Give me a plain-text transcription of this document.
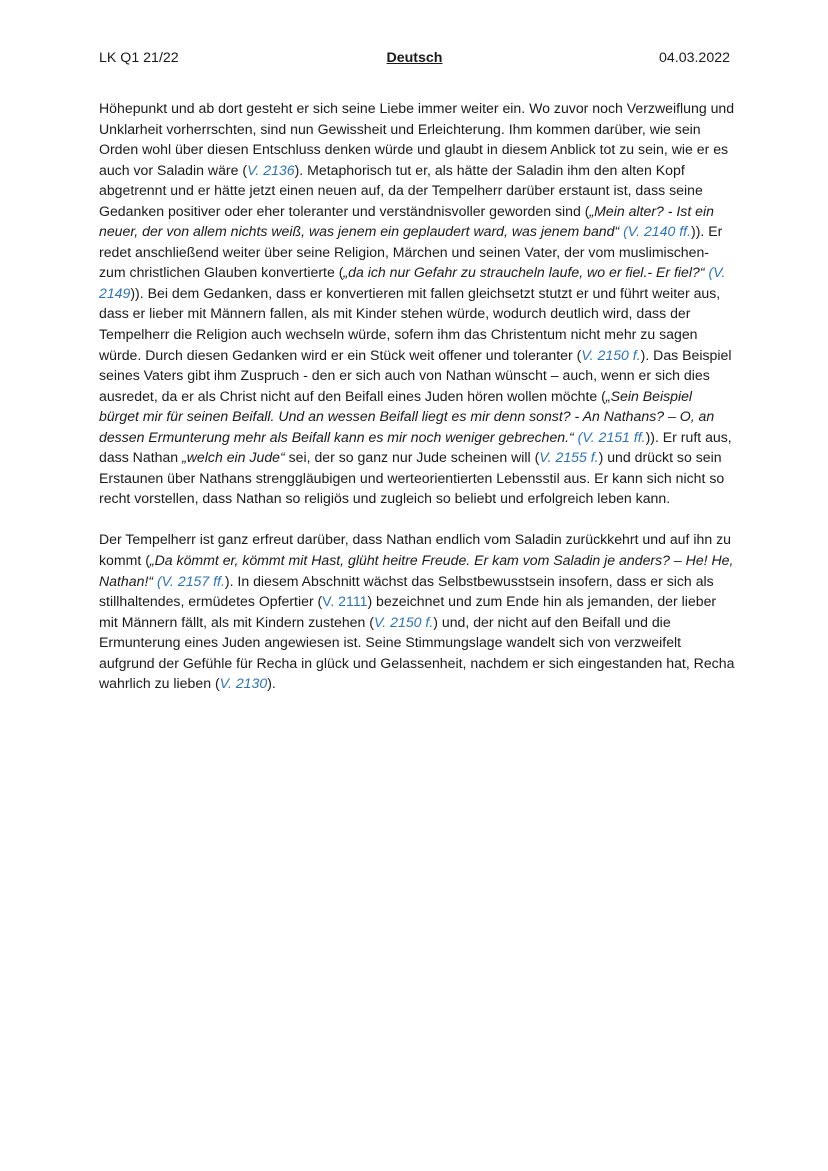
LK Q1 21/22	Deutsch	04.03.2022

Höhepunkt und ab dort gesteht er sich seine Liebe immer weiter ein. Wo zuvor noch Verzweiflung und Unklarheit vorherrschten, sind nun Gewissheit und Erleichterung. Ihm kommen darüber, wie sein Orden wohl über diesen Entschluss denken würde und glaubt in diesem Anblick tot zu sein, wie er es auch vor Saladin wäre (V. 2136). Metaphorisch tut er, als hätte der Saladin ihm den alten Kopf abgetrennt und er hätte jetzt einen neuen auf, da der Tempelherr darüber erstaunt ist, dass seine Gedanken positiver oder eher toleranter und verständnisvoller geworden sind („Mein alter? - Ist ein neuer, der von allem nichts weiß, was jenem ein geplaudert ward, was jenem band“ (V. 2140 ff.)). Er redet anschließend weiter über seine Religion, Märchen und seinen Vater, der vom muslimischen- zum christlichen Glauben konvertierte („da ich nur Gefahr zu straucheln laufe, wo er fiel.- Er fiel?“ (V. 2149)). Bei dem Gedanken, dass er konvertieren mit fallen gleichsetzt stutzt er und führt weiter aus, dass er lieber mit Männern fallen, als mit Kinder stehen würde, wodurch deutlich wird, dass der Tempelherr die Religion auch wechseln würde, sofern ihm das Christentum nicht mehr zu sagen würde. Durch diesen Gedanken wird er ein Stück weit offener und toleranter (V. 2150 f.). Das Beispiel seines Vaters gibt ihm Zuspruch - den er sich auch von Nathan wünscht – auch, wenn er sich dies ausredet, da er als Christ nicht auf den Beifall eines Juden hören wollen möchte („Sein Beispiel bürget mir für seinen Beifall. Und an wessen Beifall liegt es mir denn sonst? - An Nathans? – O, an dessen Ermunterung mehr als Beifall kann es mir noch weniger gebrechen.“ (V. 2151 ff.)). Er ruft aus, dass Nathan „welch ein Jude“ sei, der so ganz nur Jude scheinen will (V. 2155 f.) und drückt so sein Erstaunen über Nathans strenggläubigen und werteorientierten Lebensstil aus. Er kann sich nicht so recht vorstellen, dass Nathan so religiös und zugleich so beliebt und erfolgreich leben kann.

Der Tempelherr ist ganz erfreut darüber, dass Nathan endlich vom Saladin zurückkehrt und auf ihn zu kommt („Da kömmt er, kömmt mit Hast, glüht heitre Freude. Er kam vom Saladin je anders? – He! He, Nathan!“ (V. 2157 ff.). In diesem Abschnitt wächst das Selbstbewusstsein insofern, dass er sich als stillhaltendes, ermüdetes Opfertier (V. 2111) bezeichnet und zum Ende hin als jemanden, der lieber mit Männern fällt, als mit Kindern zustehen (V. 2150 f.) und, der nicht auf den Beifall und die Ermunterung eines Juden angewiesen ist. Seine Stimmungslage wandelt sich von verzweifelt aufgrund der Gefühle für Recha in glück und Gelassenheit, nachdem er sich eingestanden hat, Recha wahrlich zu lieben (V. 2130).
